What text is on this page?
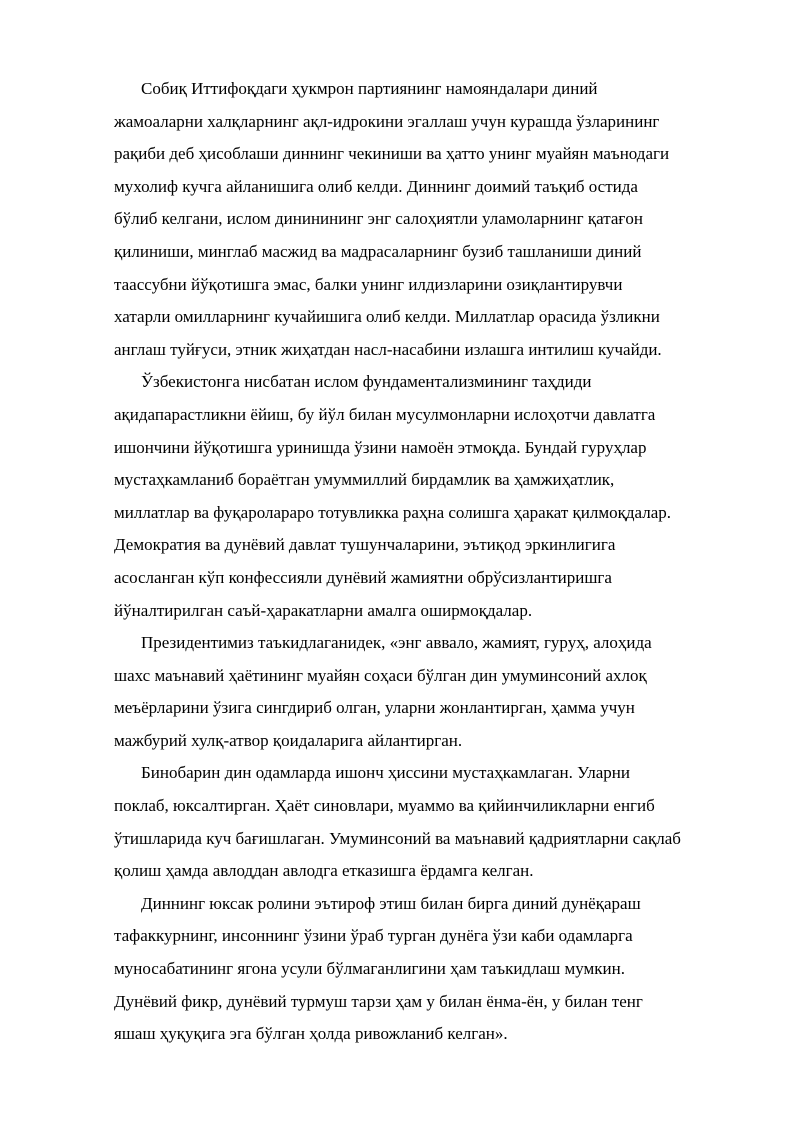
Собиқ Иттифоқдаги ҳукмрон партиянинг намояндалари диний
жамоаларни халқларнинг ақл-идрокини эгаллаш учун курашда ўзларининг
рақиби деб ҳисоблаши диннинг чекиниши ва ҳатто унинг муайян маънодаги
мухолиф кучга айланишига олиб келди. Диннинг доимий таъқиб остида
бўлиб келгани, ислом дининининг энг салоҳиятли уламоларнинг қатағон
қилиниши, минглаб масжид ва мадрасаларнинг бузиб ташланиши диний
таассубни йўқотишга эмас, балки унинг илдизларини озиқлантирувчи
хатарли омилларнинг кучайишига олиб келди. Миллатлар орасида ўзликни
англаш туйғуси, этник жиҳатдан насл-насабини излашга интилиш кучайди.
Ўзбекистонга нисбатан ислом фундаментализмининг таҳдиди
ақидапарастликни ёйиш, бу йўл билан мусулмонларни ислоҳотчи давлатга
ишончини йўқотишга уринишда ўзини намоён этмоқда. Бундай гуруҳлар
мустаҳкамланиб бораётган умуммиллий бирдамлик ва ҳамжиҳатлик,
миллатлар ва фуқаролараро тотувликка раҳна солишга ҳаракат қилмоқдалар.
Демократия ва дунёвий давлат тушунчаларини, эътиқод эркинлигига
асосланган кўп конфессияли дунёвий жамиятни обрўсизлантиришга
йўналтирилган саъй-ҳаракатларни амалга оширмоқдалар.
Президентимиз таъкидлаганидек, «энг аввало, жамият, гуруҳ, алоҳида
шахс маънавий ҳаётининг муайян соҳаси бўлган дин умуминсоний ахлоқ
меъёрларини ўзига сингдириб олган, уларни жонлантирган, ҳамма учун
мажбурий хулқ-атвор қоидаларига айлантирган.
Бинобарин дин одамларда ишонч ҳиссини мустаҳкамлаган. Уларни
поклаб, юксалтирган. Ҳаёт синовлари, муаммо ва қийинчиликларни енгиб
ўтишларида куч бағишлаган. Умуминсоний ва маънавий қадриятларни сақлаб
қолиш ҳамда авлоддан авлодга етказишга ёрдамга келган.
Диннинг юксак ролини эътироф этиш билан бирга диний дунёқараш
тафаккурнинг, инсоннинг ўзини ўраб турган дунёга ўзи каби одамларга
муносабатининг ягона усули бўлмаганлигини ҳам таъкидлаш мумкин.
Дунёвий фикр, дунёвий турмуш тарзи ҳам у билан ёнма-ён, у билан тенг
яшаш ҳуқуқига эга бўлган ҳолда ривожланиб келган».
